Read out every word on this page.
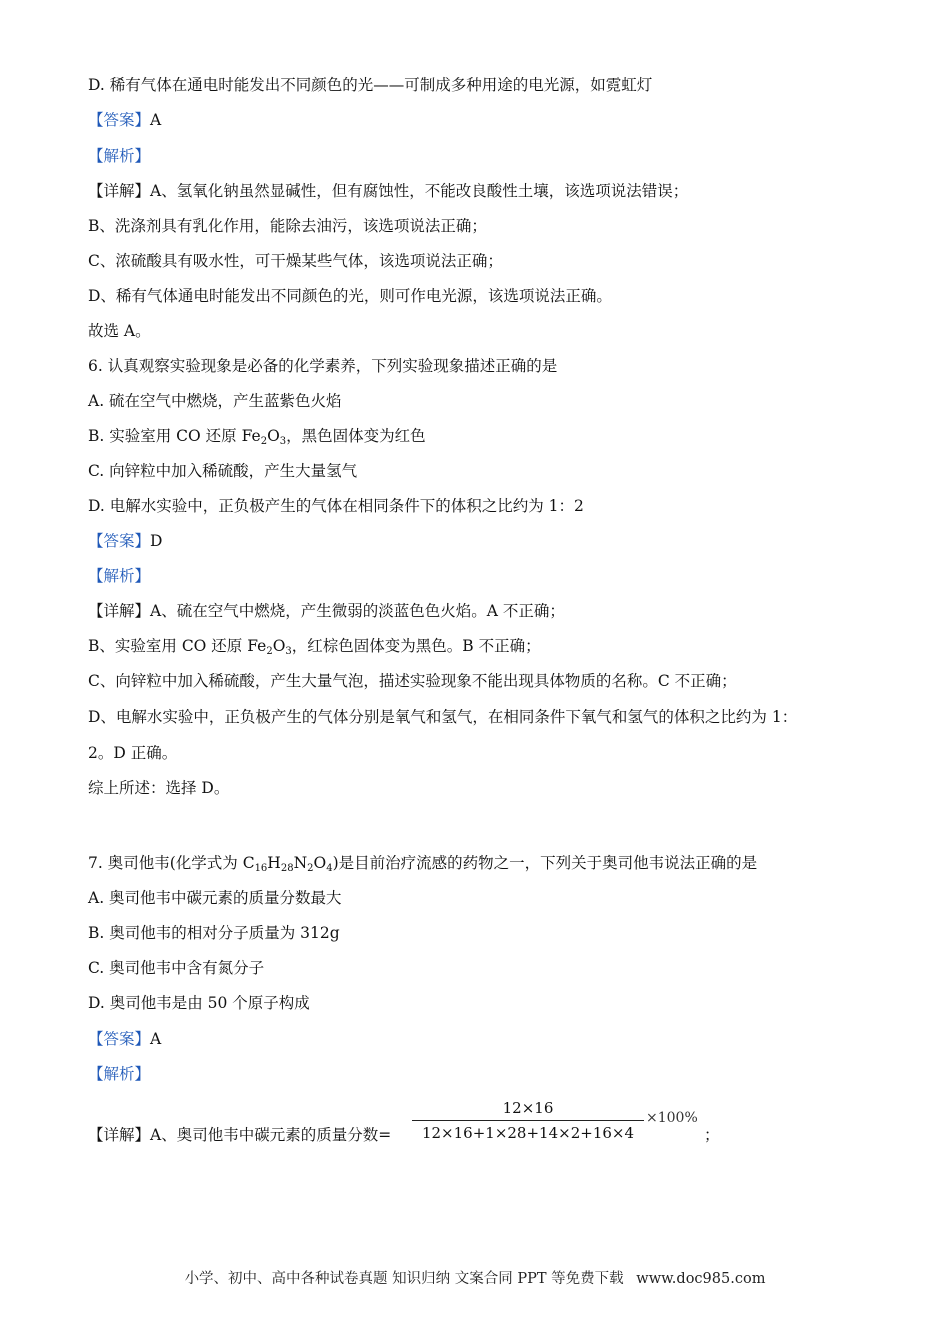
D. 稀有气体在通电时能发出不同颜色的光——可制成多种用途的电光源，如霓虹灯
【答案】A
【解析】
【详解】A、氢氧化钠虽然显碱性，但有腐蚀性，不能改良酸性土壤，该选项说法错误；
B、洗涤剂具有乳化作用，能除去油污，该选项说法正确；
C、浓硫酸具有吸水性，可干燥某些气体，该选项说法正确；
D、稀有气体通电时能发出不同颜色的光，则可作电光源，该选项说法正确。
故选 A。
6. 认真观察实验现象是必备的化学素养，下列实验现象描述正确的是
A. 硫在空气中燃烧，产生蓝紫色火焰
B. 实验室用 CO 还原 $Fe_2O_3$，黑色固体变为红色
C. 向锌粒中加入稀硫酸，产生大量氢气
D. 电解水实验中，正负极产生的气体在相同条件下的体积之比约为 1：2
【答案】D
【解析】
【详解】A、硫在空气中燃烧，产生微弱的淡蓝色色火焰。A 不正确；
B、实验室用 CO 还原 $Fe_2O_3$，红棕色固体变为黑色。B 不正确；
C、向锌粒中加入稀硫酸，产生大量气泡，描述实验现象不能出现具体物质的名称。C 不正确；
D、电解水实验中，正负极产生的气体分别是氧气和氢气，在相同条件下氧气和氢气的体积之比约为 1：
2。D 正确。
综上所述：选择 D。
7. 奥司他韦(化学式为 $C_{16}H_{28}N_2O_4$)是目前治疗流感的药物之一，下列关于奥司他韦说法正确的是
A. 奥司他韦中碳元素的质量分数最大
B. 奥司他韦的相对分子质量为 312g
C. 奥司他韦中含有氮分子
D. 奥司他韦是由 50 个原子构成
【答案】A
【解析】
【详解】A、奥司他韦中碳元素的质量分数=
12×16
12×16+1×28+14×2+16×4
×100%
；
小学、初中、高中各种试卷真题 知识归纳 文案合同 PPT 等免费下载 www.doc985.com
